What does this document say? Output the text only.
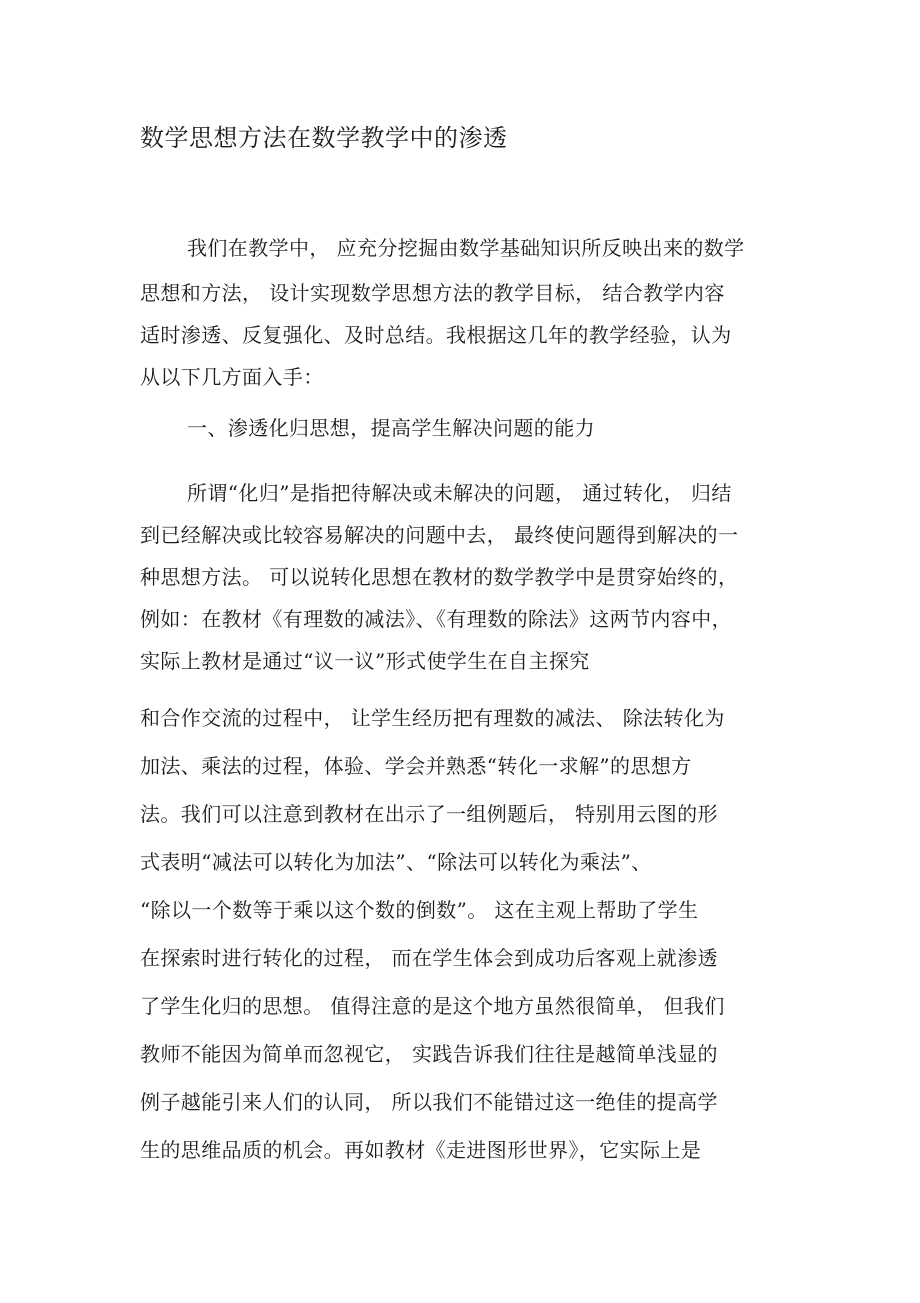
数学思想方法在数学教学中的渗透
我们在教学中， 应充分挖掘由数学基础知识所反映出来的数学
思想和方法， 设计实现数学思想方法的教学目标， 结合教学内容
适时渗透、反复强化、及时总结。我根据这几年的教学经验，认为
从以下几方面入手：
一、渗透化归思想，提高学生解决问题的能力
所谓“化归”是指把待解决或未解决的问题， 通过转化， 归结
到已经解决或比较容易解决的问题中去， 最终使问题得到解决的一
种思想方法。 可以说转化思想在教材的数学教学中是贯穿始终的，
例如：在教材《有理数的减法》、《有理数的除法》这两节内容中，
实际上教材是通过“议一议”形式使学生在自主探究
和合作交流的过程中， 让学生经历把有理数的减法、 除法转化为
加法、乘法的过程，体验、学会并熟悉“转化一求解”的思想方
法。我们可以注意到教材在出示了一组例题后， 特别用云图的形
式表明“减法可以转化为加法”、“除法可以转化为乘法”、
“除以一个数等于乘以这个数的倒数”。 这在主观上帮助了学生
在探索时进行转化的过程， 而在学生体会到成功后客观上就渗透
了学生化归的思想。 值得注意的是这个地方虽然很简单， 但我们
教师不能因为简单而忽视它， 实践告诉我们往往是越简单浅显的
例子越能引来人们的认同， 所以我们不能错过这一绝佳的提高学
生的思维品质的机会。再如教材《走进图形世界》，它实际上是
